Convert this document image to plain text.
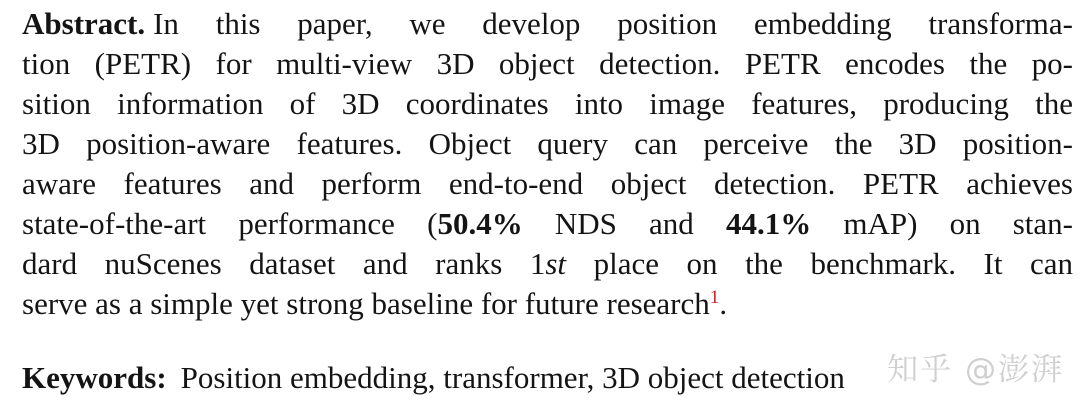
Abstract. In this paper, we develop position embedding transforma-
tion (PETR) for multi-view 3D object detection. PETR encodes the po-
sition information of 3D coordinates into image features, producing the
3D position-aware features. Object query can perceive the 3D position-
aware features and perform end-to-end object detection. PETR achieves
state-of-the-art performance (50.4% NDS and 44.1% mAP) on stan-
dard nuScenes dataset and ranks 1st place on the benchmark. It can
serve as a simple yet strong baseline for future research$^1$.
Keywords: Position embedding, transformer, 3D object detection	知乎 @澎湃
